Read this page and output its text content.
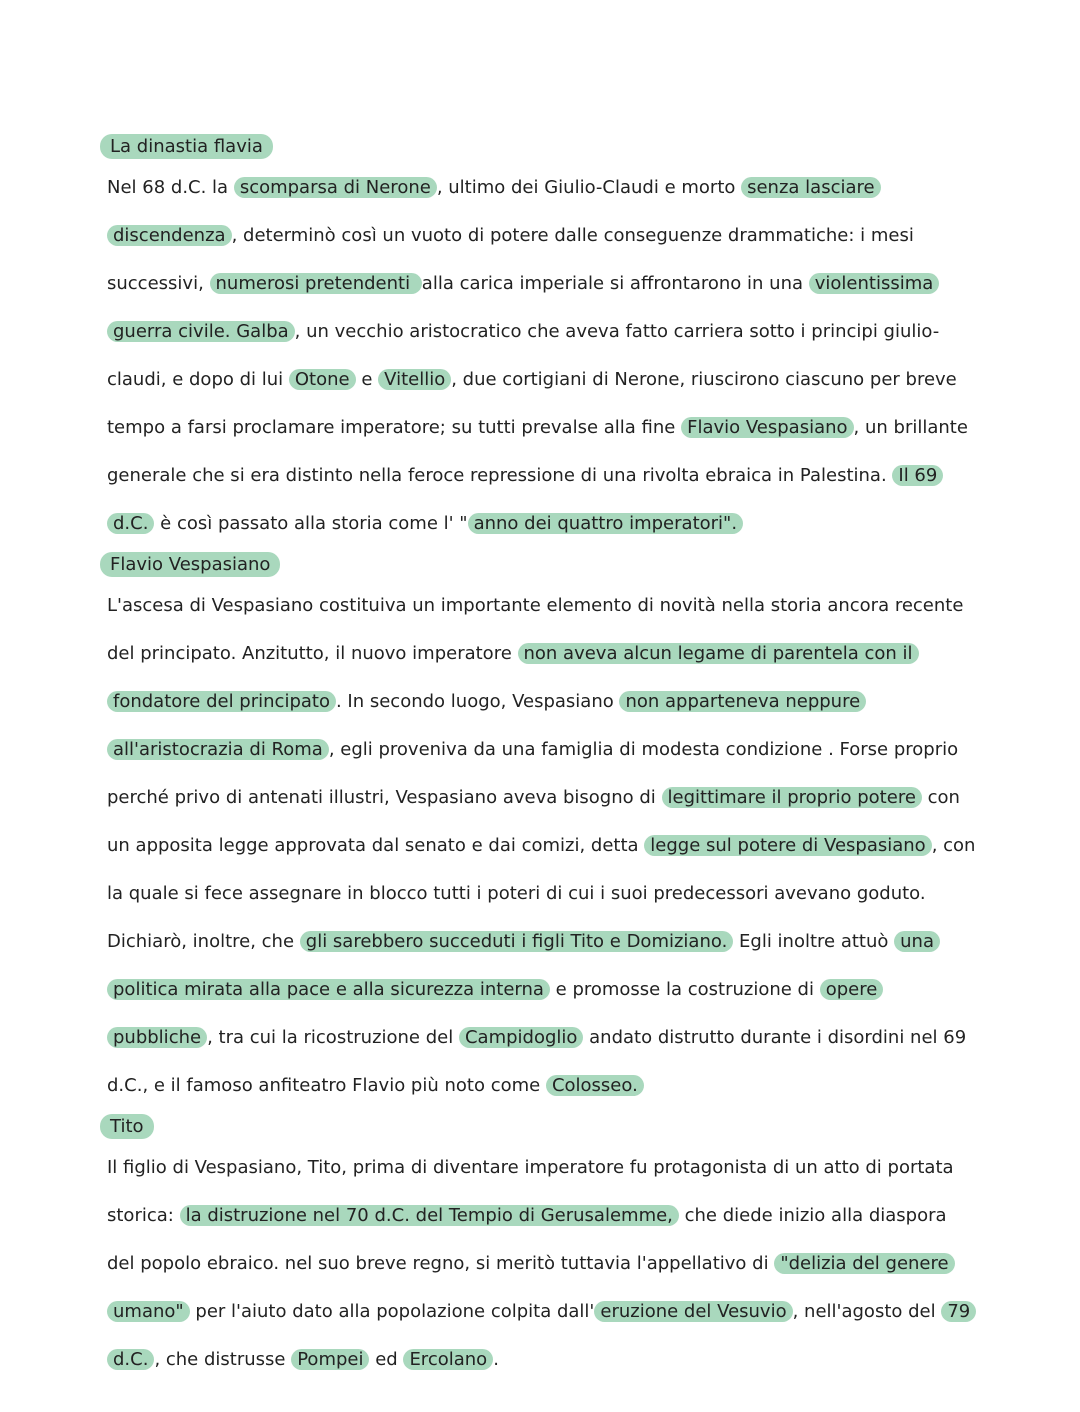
La dinastia flavia

Nel 68 d.C. la scomparsa di Nerone , ultimo dei Giulio-Claudi e morto senza lasciare discendenza , determinò così un vuoto di potere dalle conseguenze drammatiche: i mesi successivi, numerosi pretendenti alla carica imperiale si affrontarono in una violentissima guerra civile. Galba , un vecchio aristocratico che aveva fatto carriera sotto i principi giulio-claudi, e dopo di lui Otone e Vitellio , due cortigiani di Nerone, riuscirono ciascuno per breve tempo a farsi proclamare imperatore; su tutti prevalse alla fine Flavio Vespasiano , un brillante generale che si era distinto nella feroce repressione di una rivolta ebraica in Palestina. Il 69 d.C. è così passato alla storia come l' " anno dei quattro imperatori".

Flavio Vespasiano

L'ascesa di Vespasiano costituiva un importante elemento di novità nella storia ancora recente del principato. Anzitutto, il nuovo imperatore non aveva alcun legame di parentela con il fondatore del principato . In secondo luogo, Vespasiano non apparteneva neppure all'aristocrazia di Roma , egli proveniva da una famiglia di modesta condizione . Forse proprio perché privo di antenati illustri, Vespasiano aveva bisogno di legittimare il proprio potere con un apposita legge approvata dal senato e dai comizi, detta legge sul potere di Vespasiano , con la quale si fece assegnare in blocco tutti i poteri di cui i suoi predecessori avevano goduto. Dichiarò, inoltre, che gli sarebbero succeduti i figli Tito e Domiziano. Egli inoltre attuò una politica mirata alla pace e alla sicurezza interna e promosse la costruzione di opere pubbliche , tra cui la ricostruzione del Campidoglio andato distrutto durante i disordini nel 69 d.C., e il famoso anfiteatro Flavio più noto come Colosseo.

Tito

Il figlio di Vespasiano, Tito, prima di diventare imperatore fu protagonista di un atto di portata storica: la distruzione nel 70 d.C. del Tempio di Gerusalemme, che diede inizio alla diaspora del popolo ebraico. nel suo breve regno, si meritò tuttavia l'appellativo di "delizia del genere umano" per l'aiuto dato alla popolazione colpita dall' eruzione del Vesuvio , nell'agosto del 79 d.C. , che distrusse Pompei ed Ercolano .
